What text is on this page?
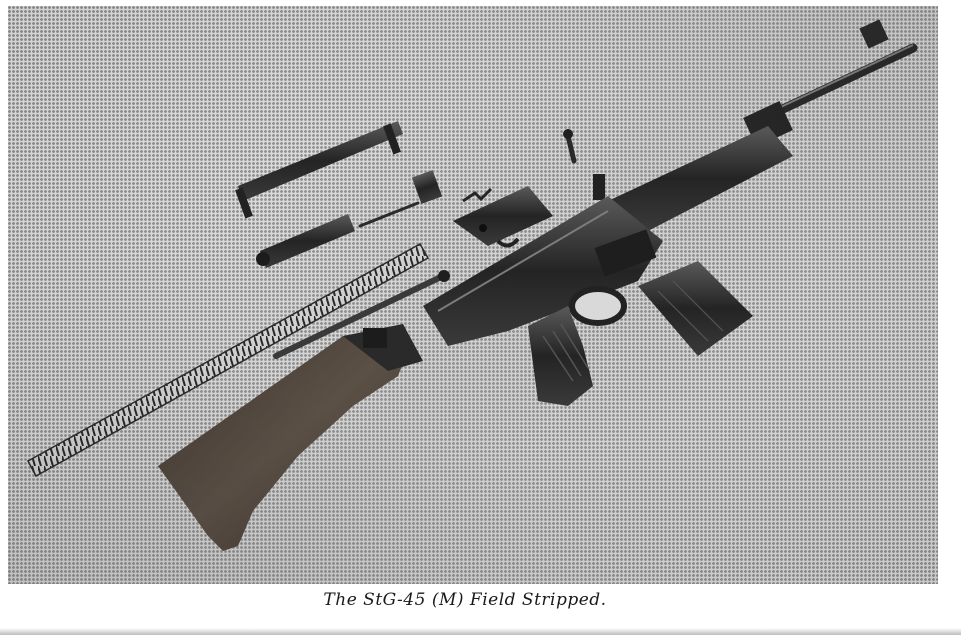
The StG-45 (M) Field Stripped.
